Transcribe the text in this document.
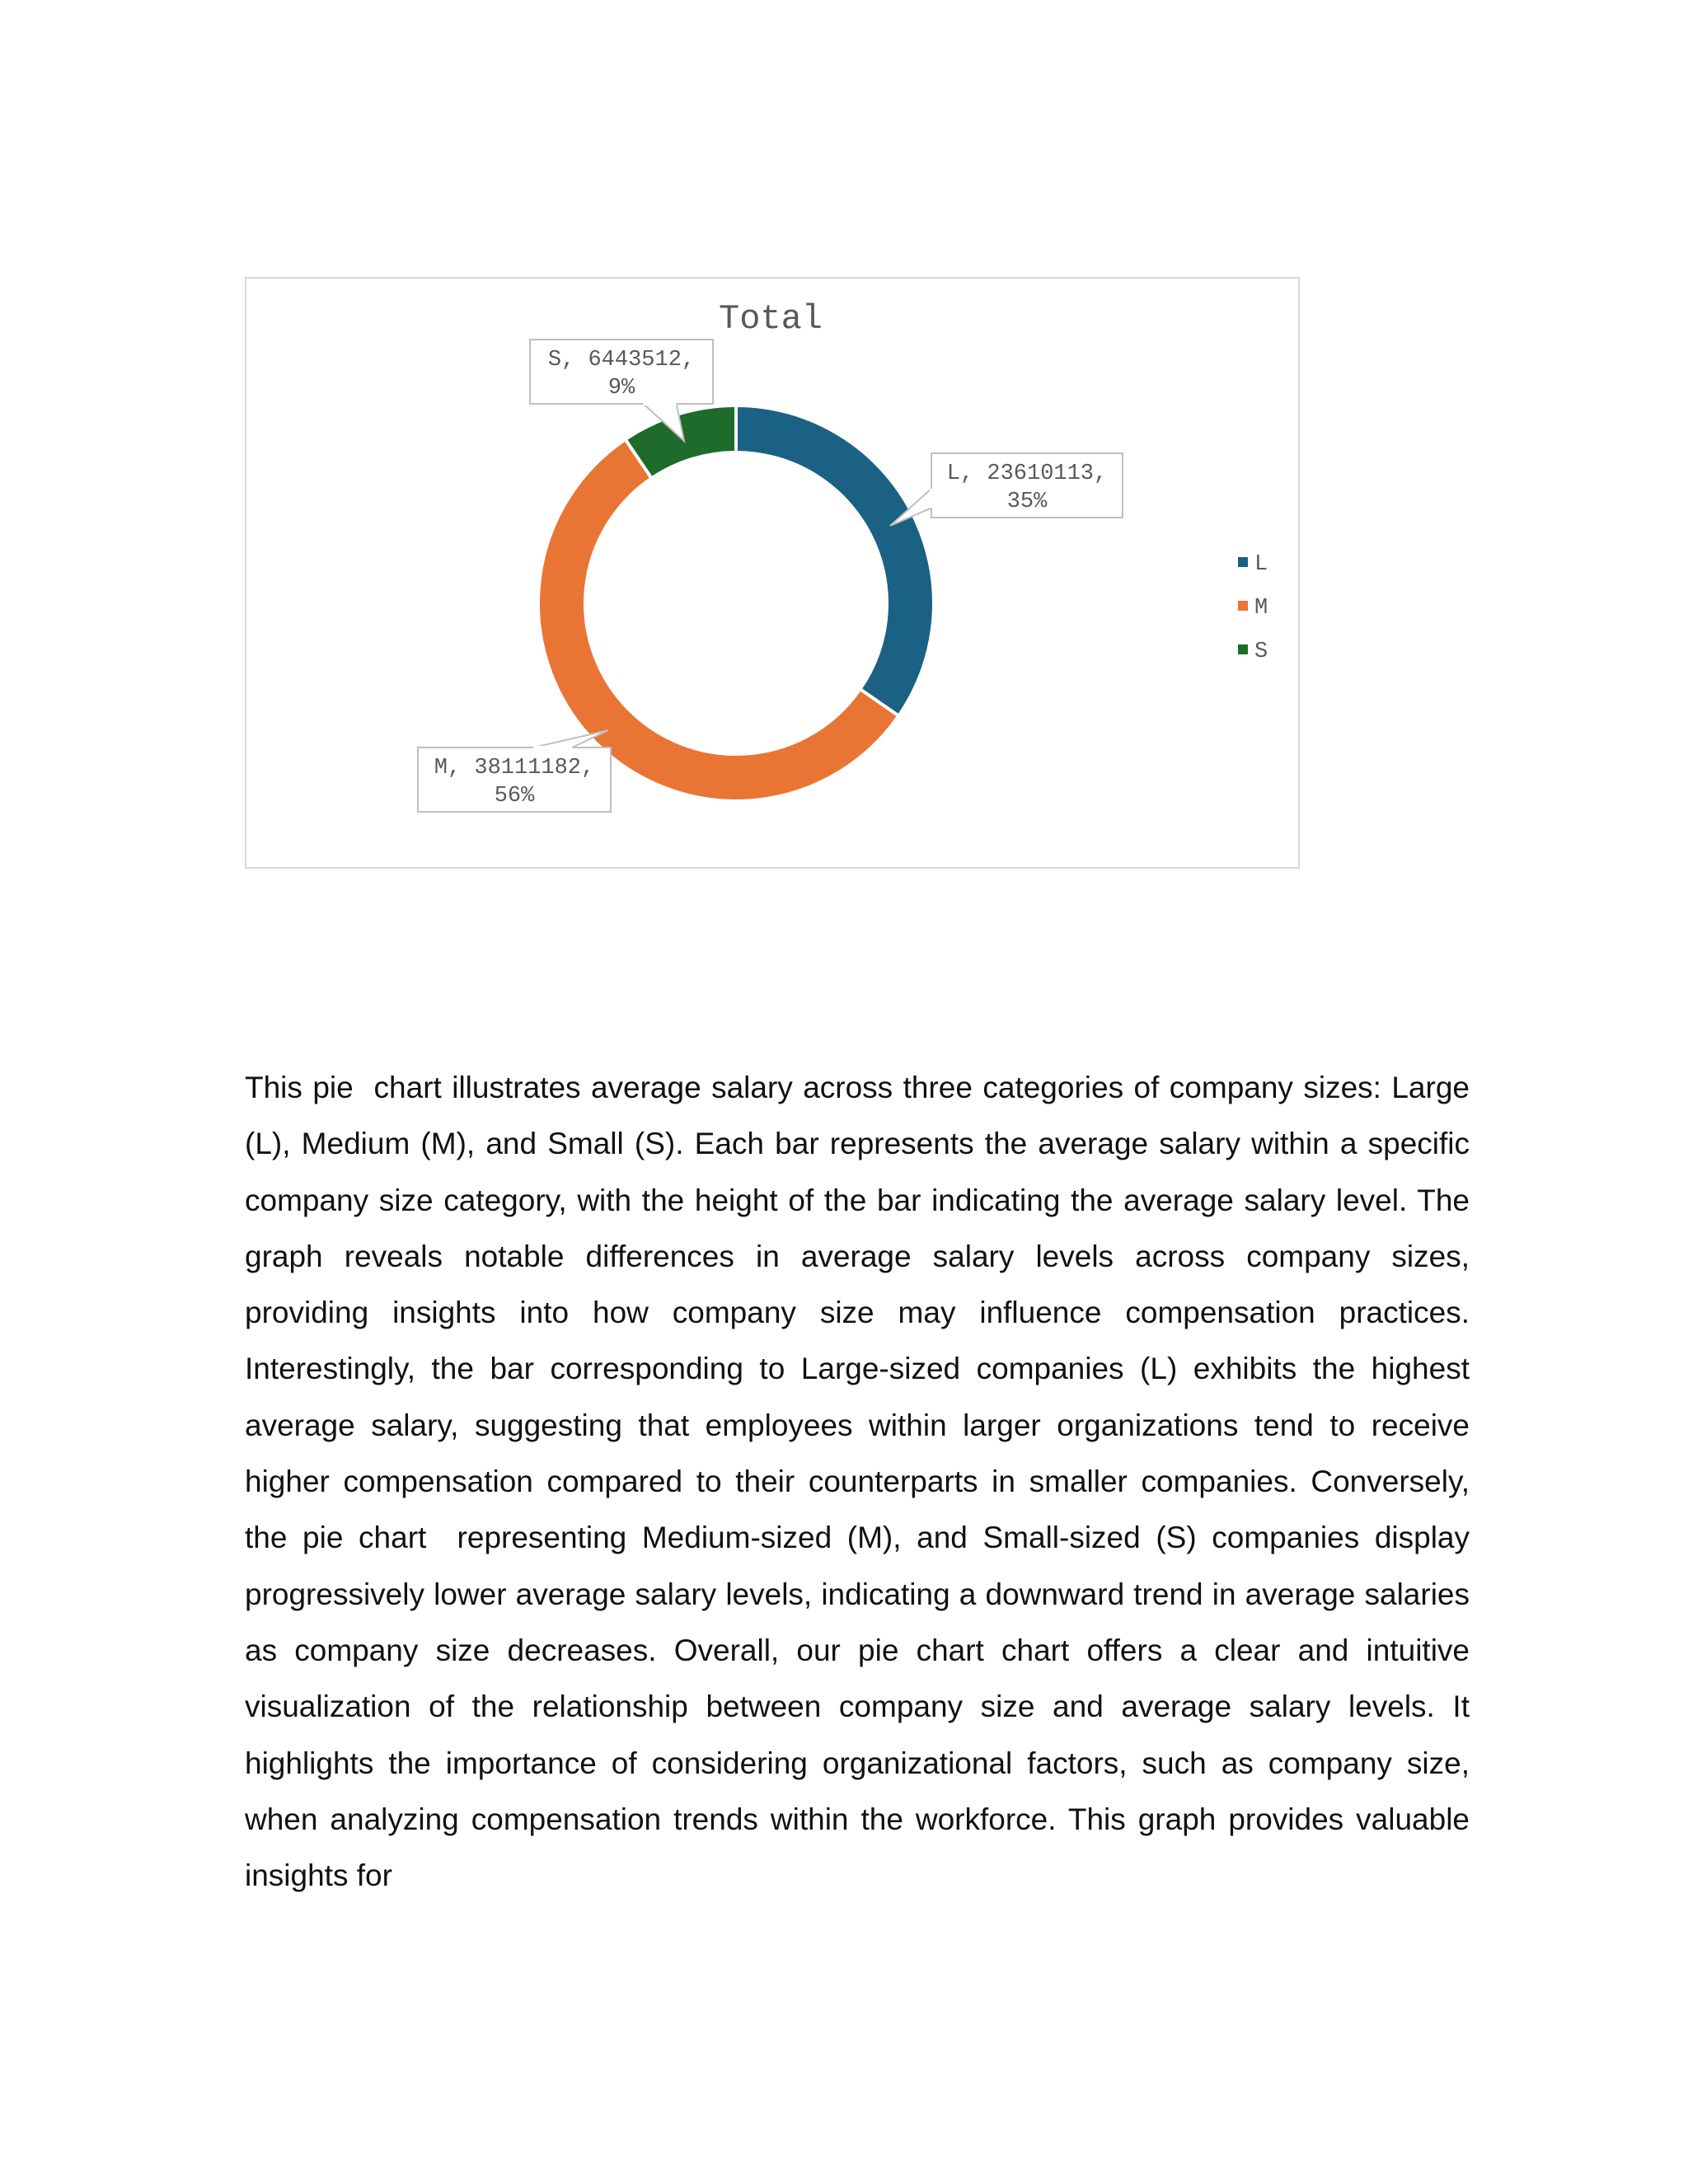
Total
L, 23610113,
35%
M, 38111182,
56%
S, 6443512,
9%
L
M
S

This pie  chart illustrates average salary across three categories of company sizes: Large (L), Medium (M), and Small (S). Each bar represents the average salary within a specific company size category, with the height of the bar indicating the average salary level. The graph reveals notable differences in average salary levels across company sizes, providing insights into how company size may influence compensation practices. Interestingly, the bar corresponding to Large-sized companies (L) exhibits the highest average salary, suggesting that employees within larger organizations tend to receive higher compensation compared to their counterparts in smaller companies. Conversely, the pie chart  representing Medium-sized (M), and Small-sized (S) companies display progressively lower average salary levels, indicating a downward trend in average salaries as company size decreases. Overall, our pie chart chart offers a clear and intuitive visualization of the relationship between company size and average salary levels. It highlights the importance of considering organizational factors, such as company size, when analyzing compensation trends within the workforce. This graph provides valuable insights for
